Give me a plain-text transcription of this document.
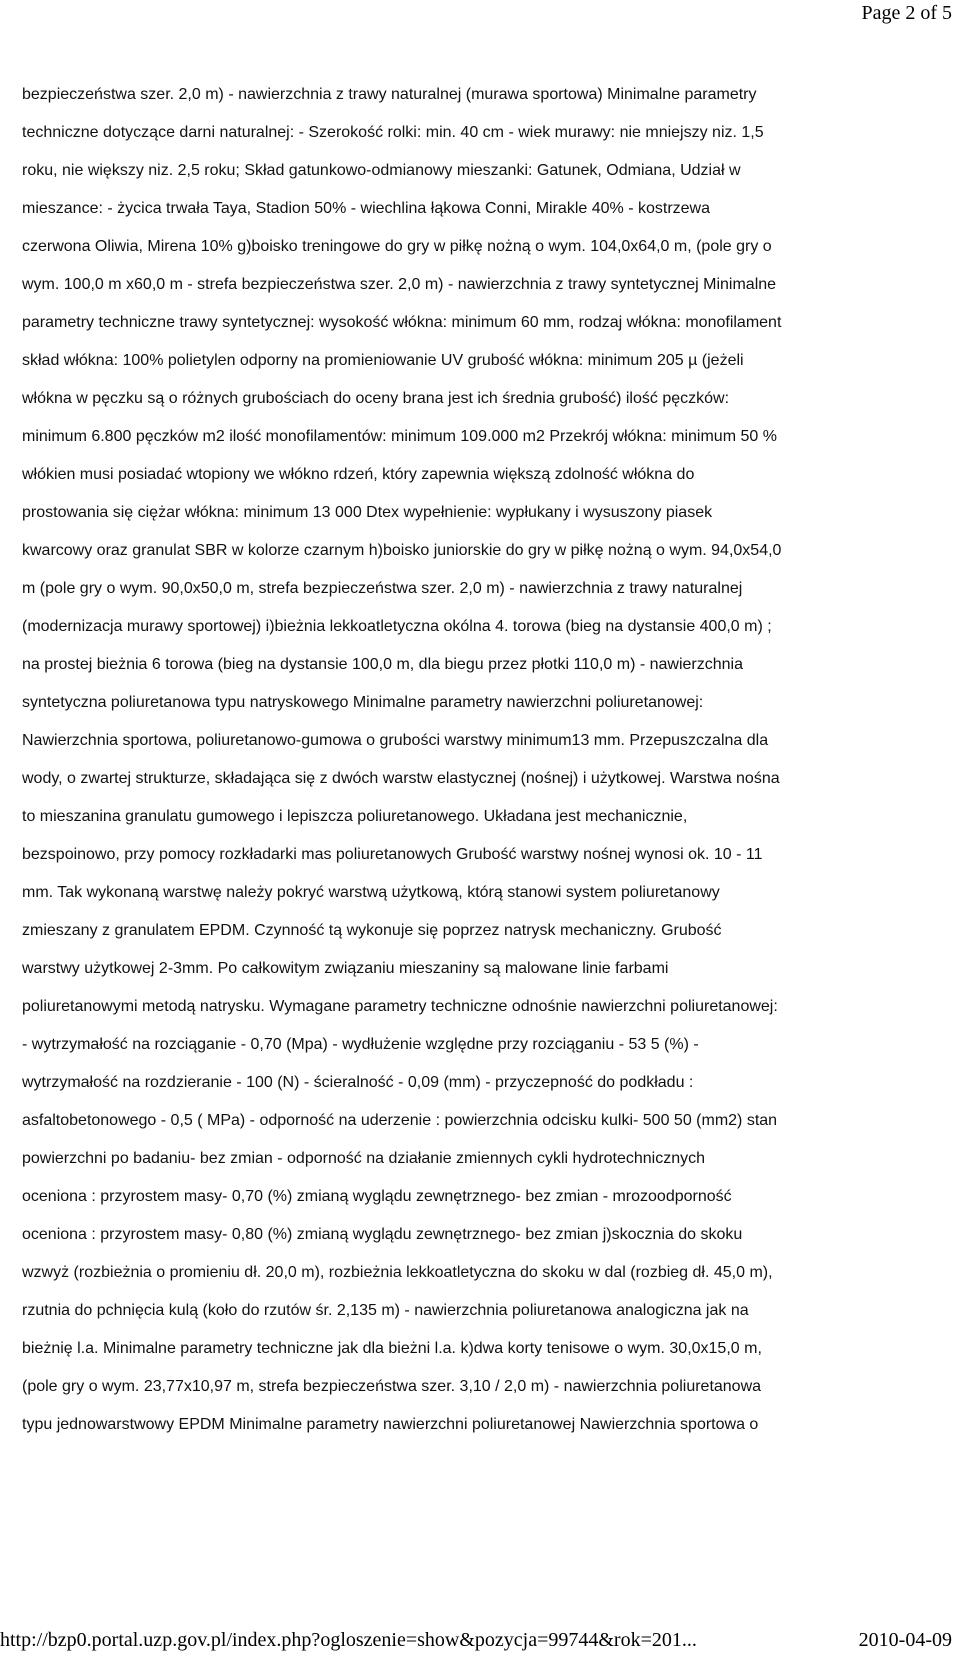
Page 2 of 5
bezpieczeństwa szer. 2,0 m) - nawierzchnia z trawy naturalnej (murawa sportowa) Minimalne parametry
techniczne dotyczące darni naturalnej: - Szerokość rolki: min. 40 cm - wiek murawy: nie mniejszy niz. 1,5
roku, nie większy niz. 2,5 roku; Skład gatunkowo-odmianowy mieszanki: Gatunek, Odmiana, Udział w
mieszance: - życica trwała Taya, Stadion 50% - wiechlina łąkowa Conni, Mirakle 40% - kostrzewa
czerwona Oliwia, Mirena 10% g)boisko treningowe do gry w piłkę nożną o wym. 104,0x64,0 m, (pole gry o
wym. 100,0 m x60,0 m - strefa bezpieczeństwa szer. 2,0 m) - nawierzchnia z trawy syntetycznej Minimalne
parametry techniczne trawy syntetycznej: wysokość włókna: minimum 60 mm, rodzaj włókna: monofilament
skład włókna: 100% polietylen odporny na promieniowanie UV grubość włókna: minimum 205 µ (jeżeli
włókna w pęczku są o różnych grubościach do oceny brana jest ich średnia grubość) ilość pęczków:
minimum 6.800 pęczków m2 ilość monofilamentów: minimum 109.000 m2 Przekrój włókna: minimum 50 %
włókien musi posiadać wtopiony we włókno rdzeń, który zapewnia większą zdolność włókna do
prostowania się ciężar włókna: minimum 13 000 Dtex wypełnienie: wypłukany i wysuszony piasek
kwarcowy oraz granulat SBR w kolorze czarnym h)boisko juniorskie do gry w piłkę nożną o wym. 94,0x54,0
m (pole gry o wym. 90,0x50,0 m, strefa bezpieczeństwa szer. 2,0 m) - nawierzchnia z trawy naturalnej
(modernizacja murawy sportowej) i)bieżnia lekkoatletyczna okólna 4. torowa (bieg na dystansie 400,0 m) ;
na prostej bieżnia 6 torowa (bieg na dystansie 100,0 m, dla biegu przez płotki 110,0 m) - nawierzchnia
syntetyczna poliuretanowa typu natryskowego Minimalne parametry nawierzchni poliuretanowej:
Nawierzchnia sportowa, poliuretanowo-gumowa o grubości warstwy minimum13 mm. Przepuszczalna dla
wody, o zwartej strukturze, składająca się z dwóch warstw elastycznej (nośnej) i użytkowej. Warstwa nośna
to mieszanina granulatu gumowego i lepiszcza poliuretanowego. Układana jest mechanicznie,
bezspoinowo, przy pomocy rozkładarki mas poliuretanowych Grubość warstwy nośnej wynosi ok. 10 - 11
mm. Tak wykonaną warstwę należy pokryć warstwą użytkową, którą stanowi system poliuretanowy
zmieszany z granulatem EPDM. Czynność tą wykonuje się poprzez natrysk mechaniczny. Grubość
warstwy użytkowej 2-3mm. Po całkowitym związaniu mieszaniny są malowane linie farbami
poliuretanowymi metodą natrysku. Wymagane parametry techniczne odnośnie nawierzchni poliuretanowej:
- wytrzymałość na rozciąganie - 0,70 (Mpa) - wydłużenie względne przy rozciąganiu - 53 5 (%) -
wytrzymałość na rozdzieranie - 100 (N) - ścieralność - 0,09 (mm) - przyczepność do podkładu :
asfaltobetonowego - 0,5 ( MPa) - odporność na uderzenie : powierzchnia odcisku kulki- 500 50 (mm2) stan
powierzchni po badaniu- bez zmian - odporność na działanie zmiennych cykli hydrotechnicznych
oceniona : przyrostem masy- 0,70 (%) zmianą wyglądu zewnętrznego- bez zmian - mrozoodporność
oceniona : przyrostem masy- 0,80 (%) zmianą wyglądu zewnętrznego- bez zmian j)skocznia do skoku
wzwyż (rozbieżnia o promieniu dł. 20,0 m), rozbieżnia lekkoatletyczna do skoku w dal (rozbieg dł. 45,0 m),
rzutnia do pchnięcia kulą (koło do rzutów śr. 2,135 m) - nawierzchnia poliuretanowa analogiczna jak na
bieżnię l.a. Minimalne parametry techniczne jak dla bieżni l.a. k)dwa korty tenisowe o wym. 30,0x15,0 m,
(pole gry o wym. 23,77x10,97 m, strefa bezpieczeństwa szer. 3,10 / 2,0 m) - nawierzchnia poliuretanowa
typu jednowarstwowy EPDM Minimalne parametry nawierzchni poliuretanowej Nawierzchnia sportowa o
http://bzp0.portal.uzp.gov.pl/index.php?ogloszenie=show&pozycja=99744&rok=201...	2010-04-09
